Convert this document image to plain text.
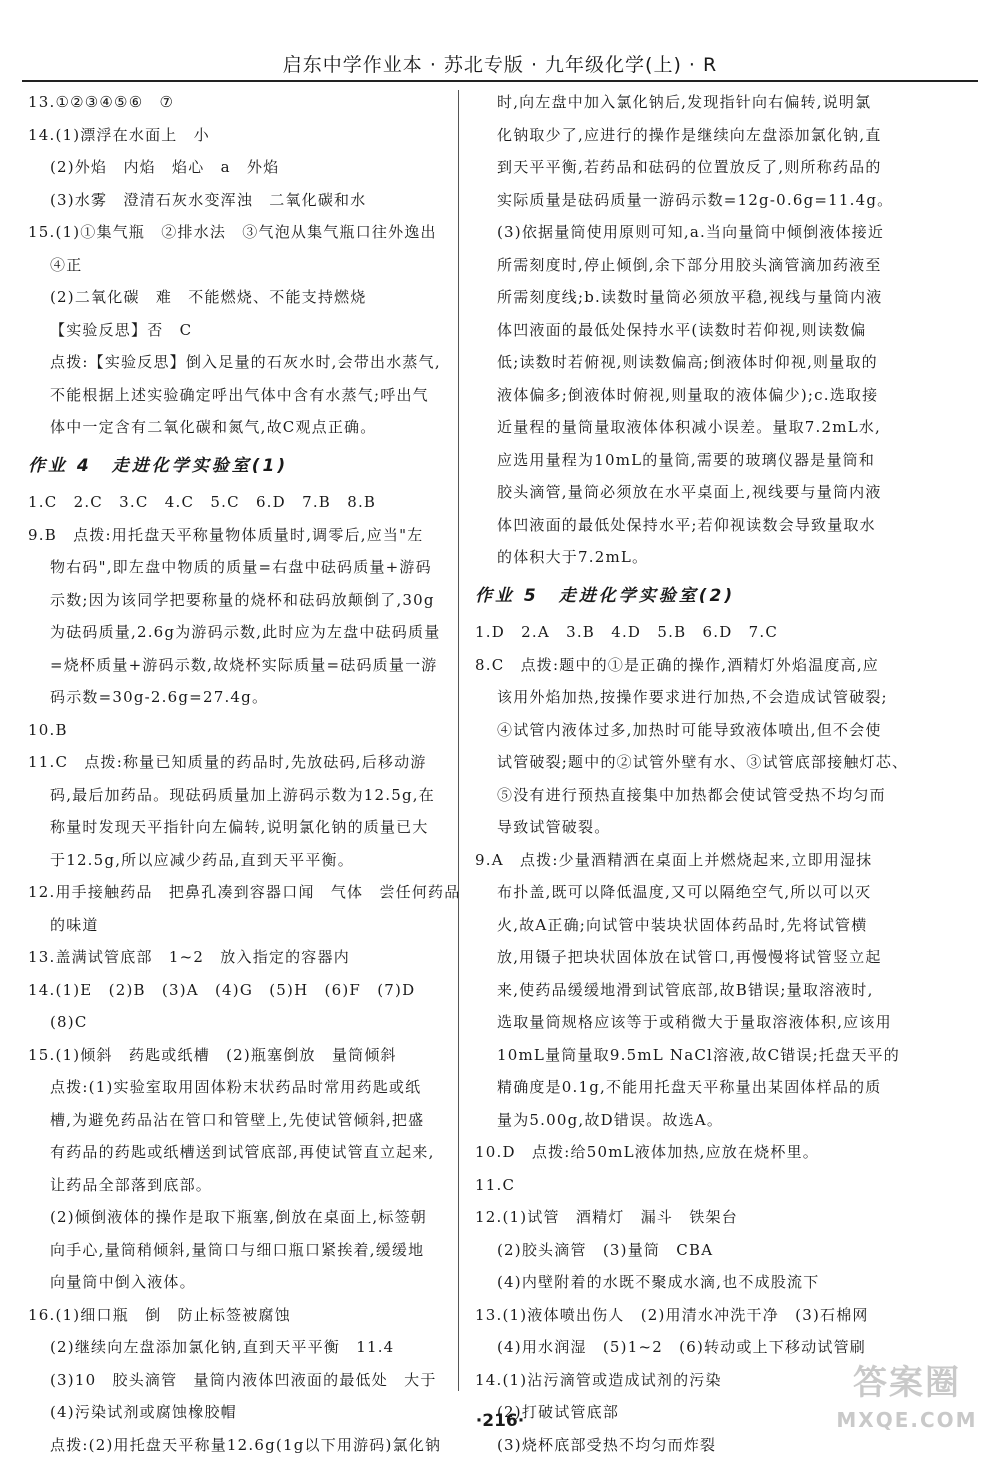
启东中学作业本 · 苏北专版 · 九年级化学(上) · R
13.①②③④⑤⑥　⑦
14.(1)漂浮在水面上　小
(2)外焰　内焰　焰心　a　外焰
(3)水雾　澄清石灰水变浑浊　二氧化碳和水
15.(1)①集气瓶　②排水法　③气泡从集气瓶口往外逸出
④正
(2)二氧化碳　难　不能燃烧、不能支持燃烧
【实验反思】否　C
点拨:【实验反思】倒入足量的石灰水时,会带出水蒸气,
不能根据上述实验确定呼出气体中含有水蒸气;呼出气
体中一定含有二氧化碳和氮气,故C观点正确。
作业 4　走进化学实验室(1)
1.C　2.C　3.C　4.C　5.C　6.D　7.B　8.B
9.B　点拨:用托盘天平称量物体质量时,调零后,应当"左
物右码",即左盘中物质的质量=右盘中砝码质量+游码
示数;因为该同学把要称量的烧杯和砝码放颠倒了,30g
为砝码质量,2.6g为游码示数,此时应为左盘中砝码质量
=烧杯质量+游码示数,故烧杯实际质量=砝码质量一游
码示数=30g-2.6g=27.4g。
10.B
11.C　点拨:称量已知质量的药品时,先放砝码,后移动游
码,最后加药品。现砝码质量加上游码示数为12.5g,在
称量时发现天平指针向左偏转,说明氯化钠的质量已大
于12.5g,所以应减少药品,直到天平平衡。
12.用手接触药品　把鼻孔凑到容器口闻　气体　尝任何药品
的味道
13.盖满试管底部　1~2　放入指定的容器内
14.(1)E　(2)B　(3)A　(4)G　(5)H　(6)F　(7)D
(8)C
15.(1)倾斜　药匙或纸槽　(2)瓶塞倒放　量筒倾斜
点拨:(1)实验室取用固体粉末状药品时常用药匙或纸
槽,为避免药品沾在管口和管壁上,先使试管倾斜,把盛
有药品的药匙或纸槽送到试管底部,再使试管直立起来,
让药品全部落到底部。
(2)倾倒液体的操作是取下瓶塞,倒放在桌面上,标签朝
向手心,量筒稍倾斜,量筒口与细口瓶口紧挨着,缓缓地
向量筒中倒入液体。
16.(1)细口瓶　倒　防止标签被腐蚀
(2)继续向左盘添加氯化钠,直到天平平衡　11.4
(3)10　胶头滴管　量筒内液体凹液面的最低处　大于
(4)污染试剂或腐蚀橡胶帽
点拨:(2)用托盘天平称量12.6g(1g以下用游码)氯化钠
时,向左盘中加入氯化钠后,发现指针向右偏转,说明氯
化钠取少了,应进行的操作是继续向左盘添加氯化钠,直
到天平平衡,若药品和砝码的位置放反了,则所称药品的
实际质量是砝码质量一游码示数=12g-0.6g=11.4g。
(3)依据量筒使用原则可知,a.当向量筒中倾倒液体接近
所需刻度时,停止倾倒,余下部分用胶头滴管滴加药液至
所需刻度线;b.读数时量筒必须放平稳,视线与量筒内液
体凹液面的最低处保持水平(读数时若仰视,则读数偏
低;读数时若俯视,则读数偏高;倒液体时仰视,则量取的
液体偏多;倒液体时俯视,则量取的液体偏少);c.选取接
近量程的量筒量取液体体积减小误差。量取7.2mL水,
应选用量程为10mL的量筒,需要的玻璃仪器是量筒和
胶头滴管,量筒必须放在水平桌面上,视线要与量筒内液
体凹液面的最低处保持水平;若仰视读数会导致量取水
的体积大于7.2mL。
作业 5　走进化学实验室(2)
1.D　2.A　3.B　4.D　5.B　6.D　7.C
8.C　点拨:题中的①是正确的操作,酒精灯外焰温度高,应
该用外焰加热,按操作要求进行加热,不会造成试管破裂;
④试管内液体过多,加热时可能导致液体喷出,但不会使
试管破裂;题中的②试管外壁有水、③试管底部接触灯芯、
⑤没有进行预热直接集中加热都会使试管受热不均匀而
导致试管破裂。
9.A　点拨:少量酒精洒在桌面上并燃烧起来,立即用湿抹
布扑盖,既可以降低温度,又可以隔绝空气,所以可以灭
火,故A正确;向试管中装块状固体药品时,先将试管横
放,用镊子把块状固体放在试管口,再慢慢将试管竖立起
来,使药品缓缓地滑到试管底部,故B错误;量取溶液时,
选取量筒规格应该等于或稍微大于量取溶液体积,应该用
10mL量筒量取9.5mL NaCl溶液,故C错误;托盘天平的
精确度是0.1g,不能用托盘天平称量出某固体样品的质
量为5.00g,故D错误。故选A。
10.D　点拨:给50mL液体加热,应放在烧杯里。
11.C
12.(1)试管　酒精灯　漏斗　铁架台
(2)胶头滴管　(3)量筒　CBA
(4)内壁附着的水既不聚成水滴,也不成股流下
13.(1)液体喷出伤人　(2)用清水冲洗干净　(3)石棉网
(4)用水润湿　(5)1~2　(6)转动或上下移动试管刷
14.(1)沾污滴管或造成试剂的污染
(2)打破试管底部
(3)烧杯底部受热不均匀而炸裂
·216·
答案圈
MXQE.COM
